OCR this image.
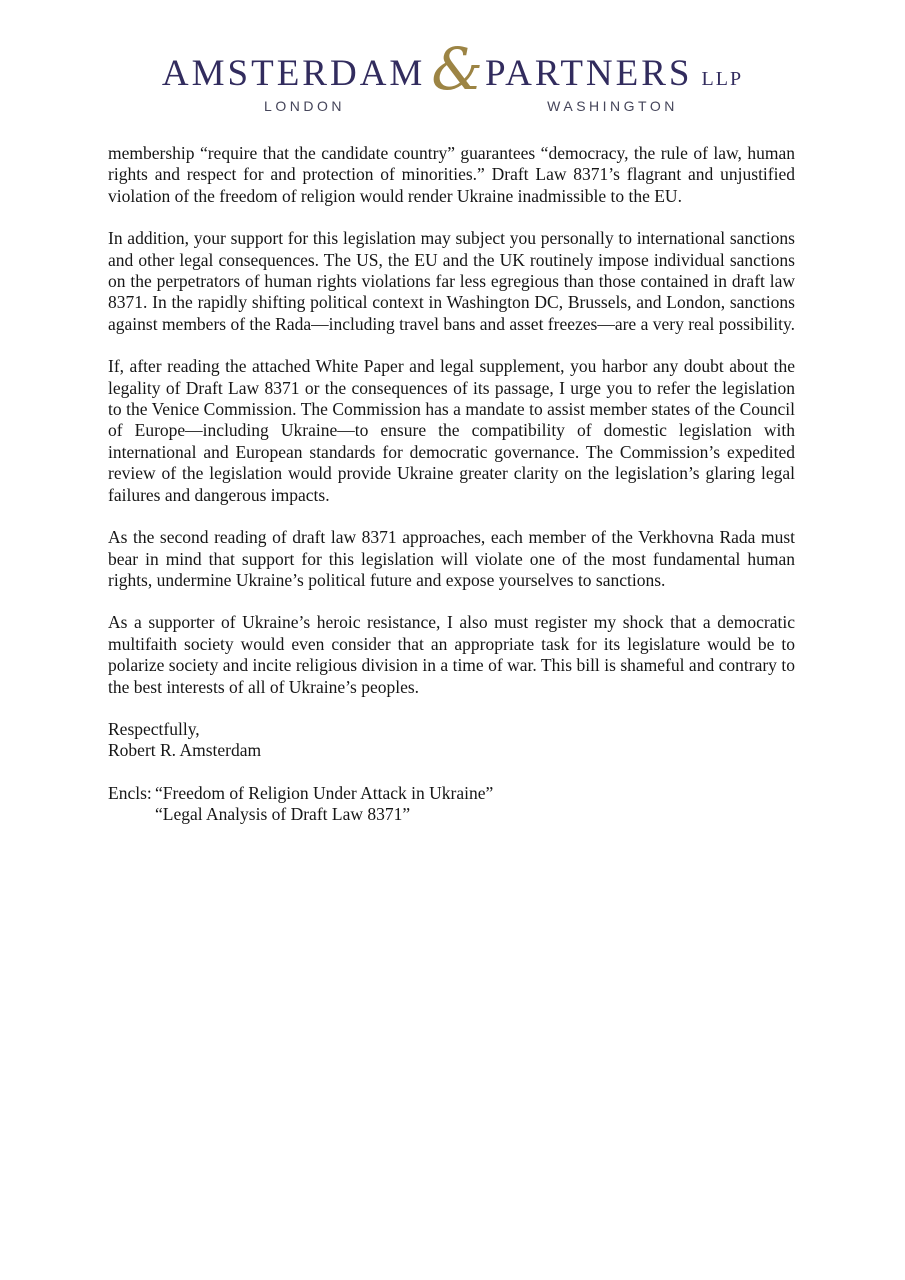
AMSTERDAM & PARTNERS LLP
LONDON	WASHINGTON

membership “require that the candidate country” guarantees “democracy, the rule of law, human rights and respect for and protection of minorities.” Draft Law 8371’s flagrant and unjustified violation of the freedom of religion would render Ukraine inadmissible to the EU.

In addition, your support for this legislation may subject you personally to international sanctions and other legal consequences. The US, the EU and the UK routinely impose individual sanctions on the perpetrators of human rights violations far less egregious than those contained in draft law 8371. In the rapidly shifting political context in Washington DC, Brussels, and London, sanctions against members of the Rada—including travel bans and asset freezes—are a very real possibility.

If, after reading the attached White Paper and legal supplement, you harbor any doubt about the legality of Draft Law 8371 or the consequences of its passage, I urge you to refer the legislation to the Venice Commission. The Commission has a mandate to assist member states of the Council of Europe—including Ukraine—to ensure the compatibility of domestic legislation with international and European standards for democratic governance. The Commission’s expedited review of the legislation would provide Ukraine greater clarity on the legislation’s glaring legal failures and dangerous impacts.

As the second reading of draft law 8371 approaches, each member of the Verkhovna Rada must bear in mind that support for this legislation will violate one of the most fundamental human rights, undermine Ukraine’s political future and expose yourselves to sanctions.

As a supporter of Ukraine’s heroic resistance, I also must register my shock that a democratic multifaith society would even consider that an appropriate task for its legislature would be to polarize society and incite religious division in a time of war. This bill is shameful and contrary to the best interests of all of Ukraine’s peoples.

Respectfully,
Robert R. Amsterdam
Encls: “Freedom of Religion Under Attack in Ukraine”
“Legal Analysis of Draft Law 8371”
